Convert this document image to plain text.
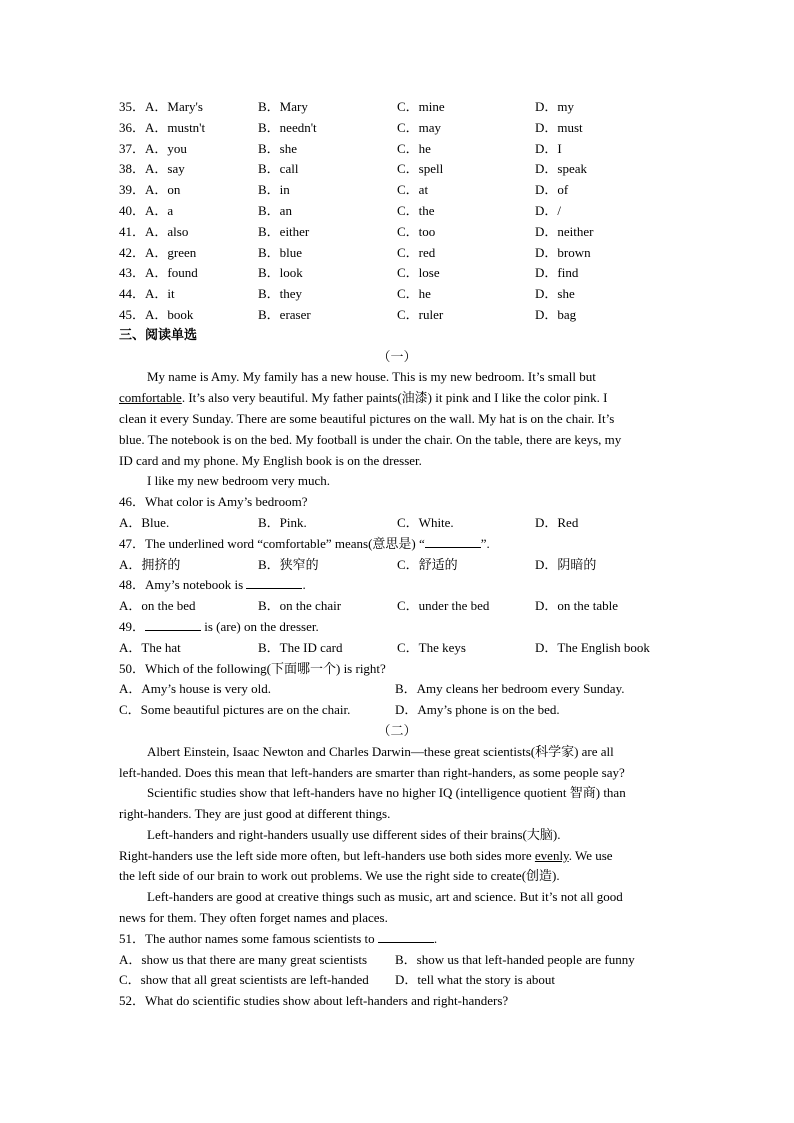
35．A．Mary's	B．Mary	C．mine	D．my
36．A．mustn't	B．needn't	C．may	D．must
37．A．you	B．she	C．he	D．I
38．A．say	B．call	C．spell	D．speak
39．A．on	B．in	C．at	D．of
40．A．a	B．an	C．the	D．/
41．A．also	B．either	C．too	D．neither
42．A．green	B．blue	C．red	D．brown
43．A．found	B．look	C．lose	D．find
44．A．it	B．they	C．he	D．she
45．A．book	B．eraser	C．ruler	D．bag
三、阅读单选
（一）
My name is Amy. My family has a new house. This is my new bedroom. It’s small but
comfortable. It’s also very beautiful. My father paints(油漆) it pink and I like the color pink. I
clean it every Sunday. There are some beautiful pictures on the wall. My hat is on the chair. It’s
blue. The notebook is on the bed. My football is under the chair. On the table, there are keys, my
ID card and my phone. My English book is on the dresser.
I like my new bedroom very much.
46．What color is Amy’s bedroom?
A．Blue.	B．Pink.	C．White.	D．Red
47．The underlined word “comfortable” means(意思是) “	”.
A．拥挤的	B．狭窄的	C．舒适的	D．阴暗的
48．Amy’s notebook is	.
A．on the bed	B．on the chair	C．under the bed	D．on the table
49．	is (are) on the dresser.
A．The hat	B．The ID card	C．The keys	D．The English book
50．Which of the following(下面哪一个) is right?
A．Amy’s house is very old.	B．Amy cleans her bedroom every Sunday.
C．Some beautiful pictures are on the chair.	D．Amy’s phone is on the bed.
（二）
Albert Einstein, Isaac Newton and Charles Darwin—these great scientists(科学家) are all
left-handed. Does this mean that left-handers are smarter than right-handers, as some people say?
Scientific studies show that left-handers have no higher IQ (intelligence quotient 智商) than
right-handers. They are just good at different things.
Left-handers and right-handers usually use different sides of their brains(大脑).
Right-handers use the left side more often, but left-handers use both sides more evenly. We use
the left side of our brain to work out problems. We use the right side to create(创造).
Left-handers are good at creative things such as music, art and science. But it’s not all good
news for them. They often forget names and places.
51．The author names some famous scientists to	.
A．show us that there are many great scientists B．show us that left-handed people are funny
C．show that all great scientists are left-handed D．tell what the story is about
52．What do scientific studies show about left-handers and right-handers?
